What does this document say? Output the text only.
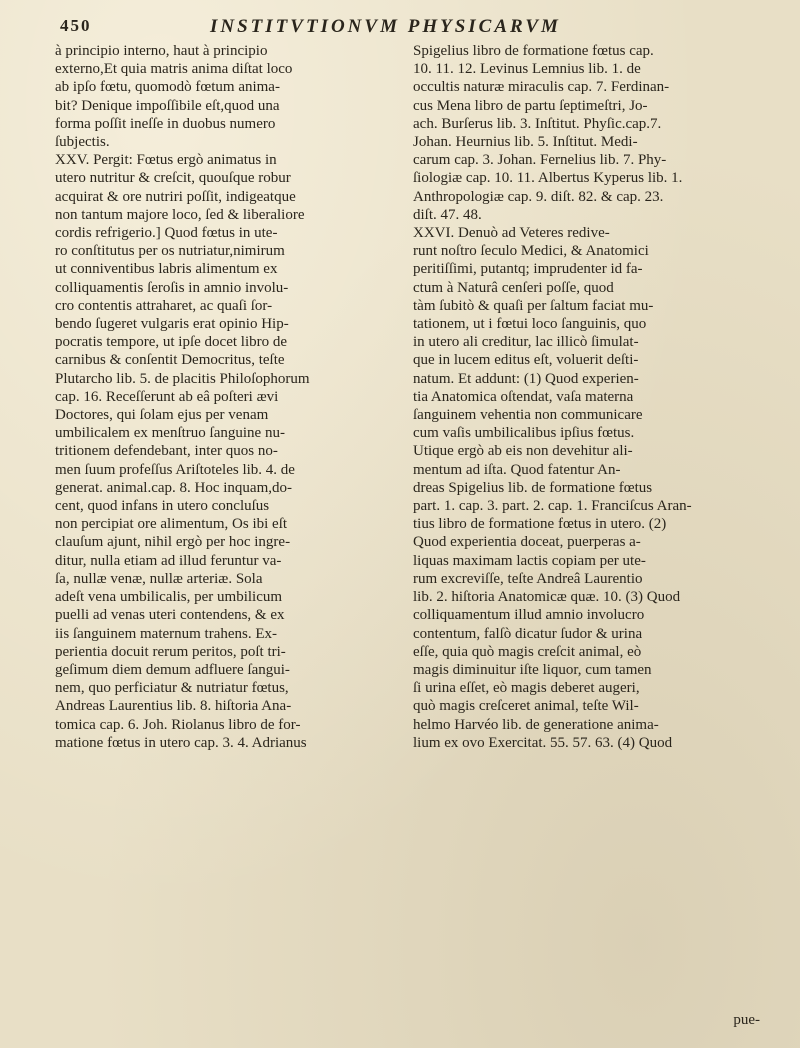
450	INSTITVTIONVM PHYSICARVM
à principio interno, haut à principio
externo,Et quia matris anima diſtat loco
ab ipſo fœtu, quomodò fœtum anima-
bit? Denique impoſſibile eſt,quod una
forma poſſit ineſſe in duobus numero
ſubjectis.
XXV. Pergit: Fœtus ergò animatus in
utero nutritur & creſcit, quouſque robur
acquirat & ore nutriri poſſit, indigeatque
non tantum majore loco, ſed & liberaliore
cordis refrigerio.] Quod fœtus in ute-
ro conſtitutus per os nutriatur,nimirum
ut conniventibus labris alimentum ex
colliquamentis ſeroſis in amnio involu-
cro contentis attraharet, ac quaſi ſor-
bendo ſugeret vulgaris erat opinio Hip-
pocratis tempore, ut ipſe docet libro de
carnibus & conſentit Democritus, teſte
Plutarcho lib. 5. de placitis Philoſophorum
cap. 16. Receſſerunt ab eâ poſteri ævi
Doctores, qui ſolam ejus per venam
umbilicalem ex menſtruo ſanguine nu-
tritionem defendebant, inter quos no-
men ſuum profeſſus Ariſtoteles lib. 4. de
generat. animal.cap. 8. Hoc inquam,do-
cent, quod infans in utero concluſus
non percipiat ore alimentum, Os ibi eſt
clauſum ajunt, nihil ergò per hoc ingre-
ditur, nulla etiam ad illud feruntur va-
ſa, nullæ venæ, nullæ arteriæ. Sola
adeſt vena umbilicalis, per umbilicum
puelli ad venas uteri contendens, & ex
iis ſanguinem maternum trahens. Ex-
perientia docuit rerum peritos, poſt tri-
geſimum diem demum adfluere ſangui-
nem, quo perficiatur & nutriatur fœtus,
Andreas Laurentius lib. 8. hiſtoria Ana-
tomica cap. 6. Joh. Riolanus libro de for-
matione fœtus in utero cap. 3. 4. Adrianus
Spigelius libro de formatione fœtus cap.
10. 11. 12. Levinus Lemnius lib. 1. de
occultis naturæ miraculis cap. 7. Ferdinan-
cus Mena libro de partu ſeptimeſtri, Jo-
ach. Burſerus lib. 3. Inſtitut. Phyſic.cap.7.
Johan. Heurnius lib. 5. Inſtitut. Medi-
carum cap. 3. Johan. Fernelius lib. 7. Phy-
ſiologiæ cap. 10. 11. Albertus Kyperus lib. 1.
Anthropologiæ cap. 9. diſt. 82. & cap. 23.
diſt. 47. 48.
XXVI. Denuò ad Veteres redive-
runt noſtro ſeculo Medici, & Anatomici
peritiſſimi, putantq; imprudenter id fa-
ctum à Naturâ cenſeri poſſe, quod
tàm ſubitò & quaſi per ſaltum faciat mu-
tationem, ut i fœtui loco ſanguinis, quo
in utero ali creditur, lac illicò ſimulat-
que in lucem editus eſt, voluerit deſti-
natum. Et addunt: (1) Quod experien-
tia Anatomica oſtendat, vaſa materna
ſanguinem vehentia non communicare
cum vaſis umbilicalibus ipſius fœtus.
Utique ergò ab eis non devehitur ali-
mentum ad iſta. Quod fatentur An-
dreas Spigelius lib. de formatione fœtus
part. 1. cap. 3. part. 2. cap. 1. Franciſcus Aran-
tius libro de formatione fœtus in utero. (2)
Quod experientia doceat, puerperas a-
liquas maximam lactis copiam per ute-
rum excreviſſe, teſte Andreâ Laurentio
lib. 2. hiſtoria Anatomicæ quæ. 10. (3) Quod
colliquamentum illud amnio involucro
contentum, falſò dicatur ſudor & urina
eſſe, quia quò magis creſcit animal, eò
magis diminuitur iſte liquor, cum tamen
ſi urina eſſet, eò magis deberet augeri,
quò magis creſceret animal, teſte Wil-
helmo Harvéo lib. de generatione anima-
lium ex ovo Exercitat. 55. 57. 63. (4) Quod
pue-
